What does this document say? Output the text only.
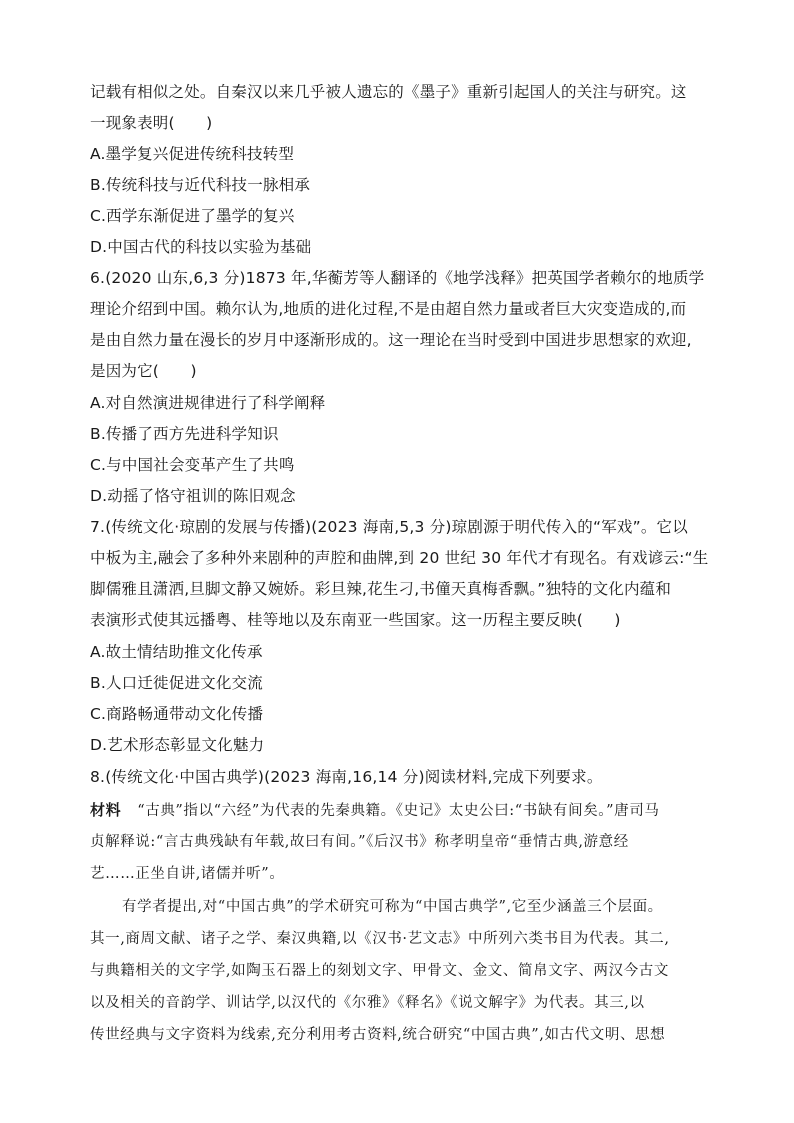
记载有相似之处。自秦汉以来几乎被人遗忘的《墨子》重新引起国人的关注与研究。这
一现象表明(　　)
A.墨学复兴促进传统科技转型
B.传统科技与近代科技一脉相承
C.西学东渐促进了墨学的复兴
D.中国古代的科技以实验为基础
6.(2020 山东,6,3 分)1873 年,华蘅芳等人翻译的《地学浅释》把英国学者赖尔的地质学
理论介绍到中国。赖尔认为,地质的进化过程,不是由超自然力量或者巨大灾变造成的,而
是由自然力量在漫长的岁月中逐渐形成的。这一理论在当时受到中国进步思想家的欢迎,
是因为它(　　)
A.对自然演进规律进行了科学阐释
B.传播了西方先进科学知识
C.与中国社会变革产生了共鸣
D.动摇了恪守祖训的陈旧观念
7.(传统文化·琼剧的发展与传播)(2023 海南,5,3 分)琼剧源于明代传入的“军戏”。它以
中板为主,融会了多种外来剧种的声腔和曲牌,到 20 世纪 30 年代才有现名。有戏谚云:“生
脚儒雅且潇洒,旦脚文静又婉娇。彩旦辣,花生刁,书僮天真梅香飘。”独特的文化内蕴和
表演形式使其远播粤、桂等地以及东南亚一些国家。这一历程主要反映(　　)
A.故土情结助推文化传承
B.人口迁徙促进文化交流
C.商路畅通带动文化传播
D.艺术形态彰显文化魅力
8.(传统文化·中国古典学)(2023 海南,16,14 分)阅读材料,完成下列要求。
材料 “古典”指以“六经”为代表的先秦典籍。《史记》太史公曰:“书缺有间矣。”唐司马
贞解释说:“言古典残缺有年载,故曰有间。”《后汉书》称孝明皇帝“垂情古典,游意经
艺……正坐自讲,诸儒并听”。
有学者提出,对“中国古典”的学术研究可称为“中国古典学”,它至少涵盖三个层面。
其一,商周文献、诸子之学、秦汉典籍,以《汉书·艺文志》中所列六类书目为代表。其二,
与典籍相关的文字学,如陶玉石器上的刻划文字、甲骨文、金文、简帛文字、两汉今古文
以及相关的音韵学、训诂学,以汉代的《尔雅》《释名》《说文解字》为代表。其三,以
传世经典与文字资料为线索,充分利用考古资料,统合研究“中国古典”,如古代文明、思想
